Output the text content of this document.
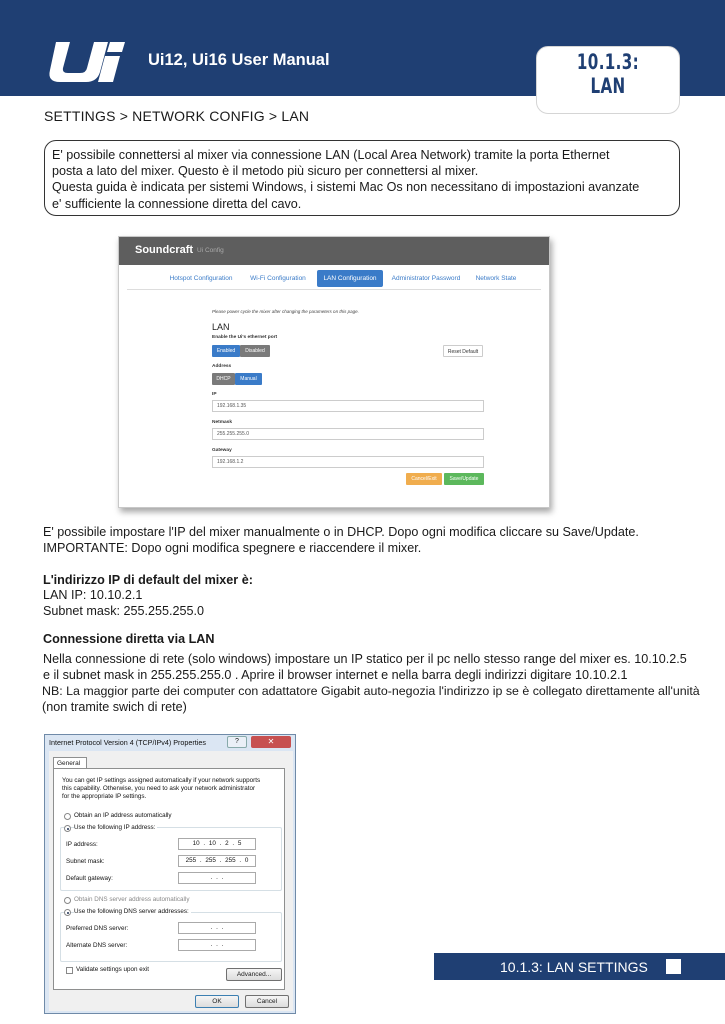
Ui12, Ui16 User Manual	10.1.3: LAN
SETTINGS > NETWORK CONFIG > LAN
E' possibile connettersi al mixer via connessione LAN (Local Area Network) tramite la porta Ethernet
posta a lato del mixer. Questo è il metodo più sicuro per connettersi al mixer.
Questa guida è indicata per sistemi Windows, i sistemi Mac Os non necessitano di impostazioni avanzate
e' sufficiente la connessione diretta del cavo.
Soundcraft Ui Config
Hotspot Configuration	Wi-Fi Configuration	LAN Configuration	Administrator Password	Network State
Please power cycle the mixer after changing the parameters on this page.
LAN
Enable the Ui's ethernet port
Enabled	Disabled	Reset Default
Address
DHCP	Manual
IP
192.168.1.35
Netmask
255.255.255.0
Gateway
192.168.1.2
Cancel/Exit	Save/Update
E' possibile impostare l'IP del mixer manualmente o in DHCP. Dopo ogni modifica cliccare su Save/Update.
IMPORTANTE: Dopo ogni modifica spegnere e riaccendere il mixer.
L'indirizzo IP di default del mixer è:
LAN IP: 10.10.2.1
Subnet mask: 255.255.255.0
Connessione diretta via LAN
Nella connessione di rete (solo windows) impostare un IP statico per il pc nello stesso range del mixer es. 10.10.2.5
e il subnet mask in 255.255.255.0 . Aprire il browser internet e nella barra degli indirizzi digitare 10.10.2.1
NB: La maggior parte dei computer con adattatore Gigabit auto-negozia l'indirizzo ip se è collegato direttamente all'unità
(non tramite swich di rete)
Internet Protocol Version 4 (TCP/IPv4) Properties	?	✕
General
You can get IP settings assigned automatically if your network supports
this capability. Otherwise, you need to ask your network administrator
for the appropriate IP settings.
Obtain an IP address automatically
Use the following IP address:
IP address:	10 . 10 . 2 . 5
Subnet mask:	255 . 255 . 255 . 0
Default gateway:	. . .
Obtain DNS server address automatically
Use the following DNS server addresses:
Preferred DNS server:	. . .
Alternate DNS server:	. . .
Validate settings upon exit
Advanced...
OK	Cancel
10.1.3: LAN SETTINGS
